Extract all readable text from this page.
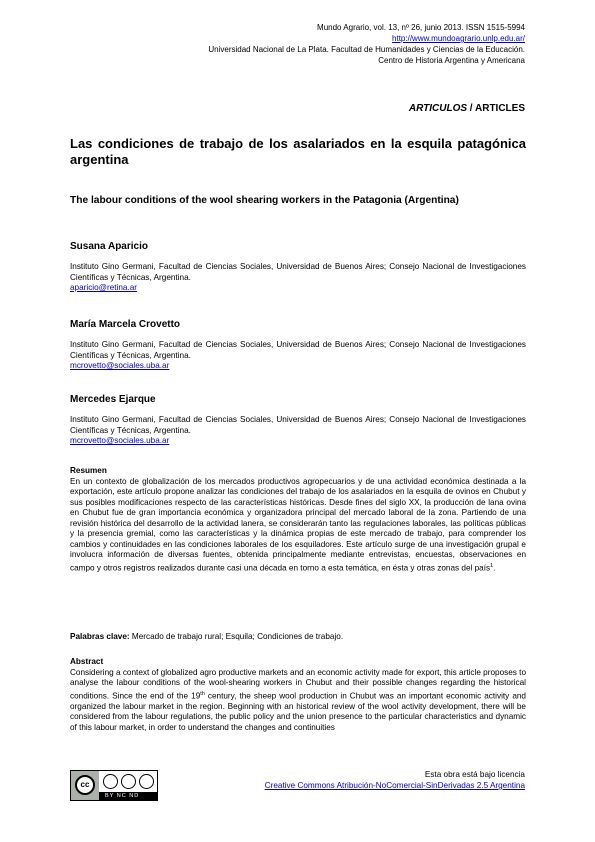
Mundo Agrario, vol. 13, nº 26, junio 2013. ISSN 1515-5994
http://www.mundoagrario.unlp.edu.ar/
Universidad Nacional de La Plata. Facultad de Humanidades y Ciencias de la Educación.
Centro de Historia Argentina y Americana
ARTICULOS / ARTICLES
Las condiciones de trabajo de los asalariados en la esquila patagónica argentina
The labour conditions of the wool shearing workers in the Patagonia (Argentina)
Susana Aparicio
Instituto Gino Germani, Facultad de Ciencias Sociales, Universidad de Buenos Aires; Consejo Nacional de Investigaciones Científicas y Técnicas, Argentina.
aparicio@retina.ar
María Marcela Crovetto
Instituto Gino Germani, Facultad de Ciencias Sociales, Universidad de Buenos Aires; Consejo Nacional de Investigaciones Científicas y Técnicas, Argentina.
mcrovetto@sociales.uba.ar
Mercedes Ejarque
Instituto Gino Germani, Facultad de Ciencias Sociales, Universidad de Buenos Aires; Consejo Nacional de Investigaciones Científicas y Técnicas, Argentina.
mcrovetto@sociales.uba.ar
Resumen
En un contexto de globalización de los mercados productivos agropecuarios y de una actividad económica destinada a la exportación, este artículo propone analizar las condiciones del trabajo de los asalariados en la esquila de ovinos en Chubut y sus posibles modificaciones respecto de las características históricas. Desde fines del siglo XX, la producción de lana ovina en Chubut fue de gran importancia económica y organizadora principal del mercado laboral de la zona. Partiendo de una revisión histórica del desarrollo de la actividad lanera, se considerarán tanto las regulaciones laborales, las políticas públicas y la presencia gremial, como las características y la dinámica propias de este mercado de trabajo, para comprender los cambios y continuidades en las condiciones laborales de los esquiladores. Este artículo surge de una investigación grupal e involucra información de diversas fuentes, obtenida principalmente mediante entrevistas, encuestas, observaciones en campo y otros registros realizados durante casi una década en torno a esta temática, en ésta y otras zonas del país$^1$.
Palabras clave: Mercado de trabajo rural; Esquila; Condiciones de trabajo.
Abstract
Considering a context of globalized agro productive markets and an economic activity made for export, this article proposes to analyse the labour conditions of the wool-shearing workers in Chubut and their possible changes regarding the historical conditions. Since the end of the 19th century, the sheep wool production in Chubut was an important economic activity and organized the labour market in the region. Beginning with an historical review of the wool activity development, there will be considered from the labour regulations, the public policy and the union presence to the particular characteristics and dynamic of this labour market, in order to understand the changes and continuities
cc
BY NC ND
Esta obra está bajo licencia
Creative Commons Atribución-NoComercial-SinDerivadas 2.5 Argentina
